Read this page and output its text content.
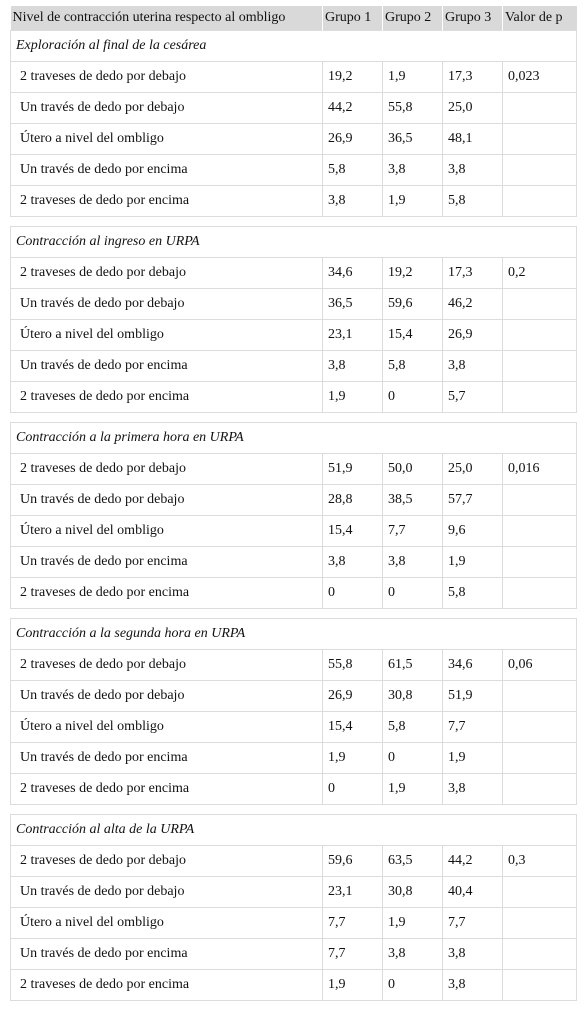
Nivel de contracción uterina respecto al ombligo	Grupo 1	Grupo 2	Grupo 3	Valor de p
Exploración al final de la cesárea				
2 traveses de dedo por debajo	19,2	1,9	17,3	0,023
Un través de dedo por debajo	44,2	55,8	25,0	
Útero a nivel del ombligo	26,9	36,5	48,1	
Un través de dedo por encima	5,8	3,8	3,8	
2 traveses de dedo por encima	3,8	1,9	5,8	

Contracción al ingreso en URPA				
2 traveses de dedo por debajo	34,6	19,2	17,3	0,2
Un través de dedo por debajo	36,5	59,6	46,2	
Útero a nivel del ombligo	23,1	15,4	26,9	
Un través de dedo por encima	3,8	5,8	3,8	
2 traveses de dedo por encima	1,9	0	5,7	

Contracción a la primera hora en URPA				
2 traveses de dedo por debajo	51,9	50,0	25,0	0,016
Un través de dedo por debajo	28,8	38,5	57,7	
Útero a nivel del ombligo	15,4	7,7	9,6	
Un través de dedo por encima	3,8	3,8	1,9	
2 traveses de dedo por encima	0	0	5,8	

Contracción a la segunda hora en URPA				
2 traveses de dedo por debajo	55,8	61,5	34,6	0,06
Un través de dedo por debajo	26,9	30,8	51,9	
Útero a nivel del ombligo	15,4	5,8	7,7	
Un través de dedo por encima	1,9	0	1,9	
2 traveses de dedo por encima	0	1,9	3,8	

Contracción al alta de la URPA				
2 traveses de dedo por debajo	59,6	63,5	44,2	0,3
Un través de dedo por debajo	23,1	30,8	40,4	
Útero a nivel del ombligo	7,7	1,9	7,7	
Un través de dedo por encima	7,7	3,8	3,8	
2 traveses de dedo por encima	1,9	0	3,8	
